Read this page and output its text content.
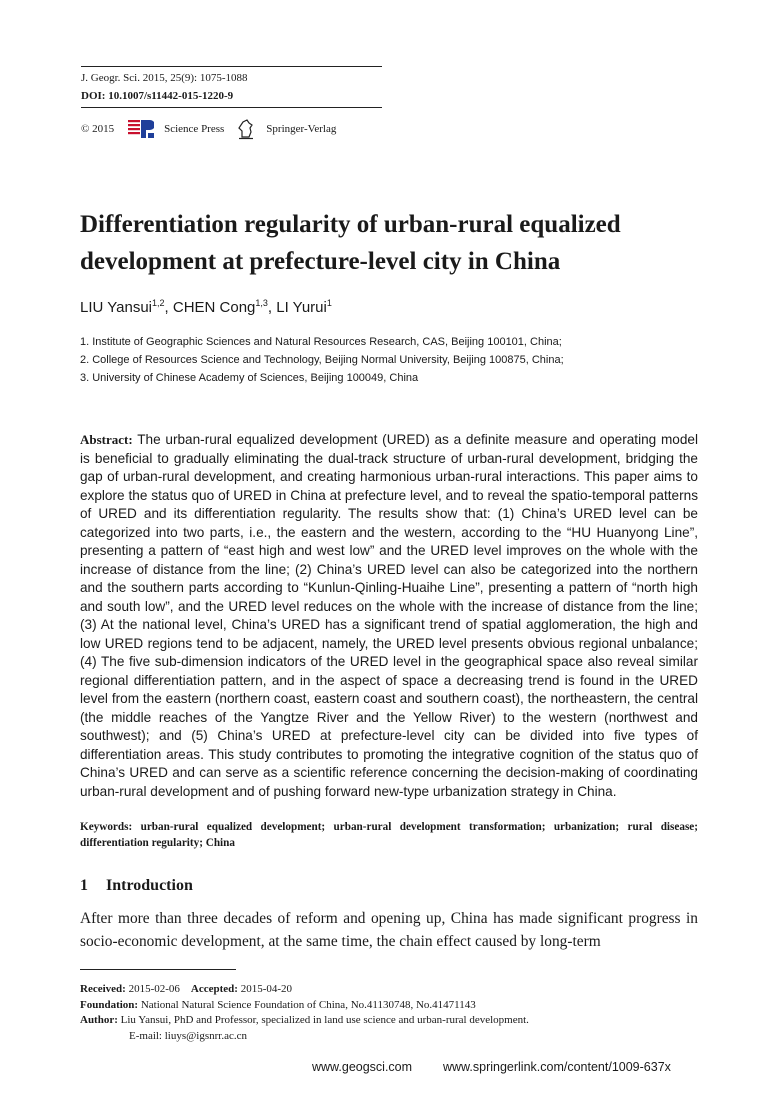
J. Geogr. Sci. 2015, 25(9): 1075-1088
DOI: 10.1007/s11442-015-1220-9
© 2015	Science Press	Springer-Verlag
Differentiation regularity of urban-rural equalized development at prefecture-level city in China
LIU Yansui$^{1,2}$, CHEN Cong$^{1,3}$, LI Yurui$^1$
1. Institute of Geographic Sciences and Natural Resources Research, CAS, Beijing 100101, China;
2. College of Resources Science and Technology, Beijing Normal University, Beijing 100875, China;
3. University of Chinese Academy of Sciences, Beijing 100049, China
Abstract: The urban-rural equalized development (URED) as a definite measure and operating model is beneficial to gradually eliminating the dual-track structure of urban-rural development, bridging the gap of urban-rural development, and creating harmonious urban-rural interactions. This paper aims to explore the status quo of URED in China at prefecture level, and to reveal the spatio-temporal patterns of URED and its differentiation regularity. The results show that: (1) China’s URED level can be categorized into two parts, i.e., the eastern and the western, according to the “HU Huanyong Line”, presenting a pattern of “east high and west low” and the URED level improves on the whole with the increase of distance from the line; (2) China’s URED level can also be categorized into the northern and the southern parts according to “Kunlun-Qinling-Huaihe Line”, presenting a pattern of “north high and south low”, and the URED level reduces on the whole with the increase of distance from the line; (3) At the national level, China’s URED has a significant trend of spatial agglomeration, the high and low URED regions tend to be adjacent, namely, the URED level presents obvious regional unbalance; (4) The five sub-dimension indicators of the URED level in the geographical space also reveal similar regional differentiation pattern, and in the aspect of space a decreasing trend is found in the URED level from the eastern (northern coast, eastern coast and southern coast), the northeastern, the central (the middle reaches of the Yangtze River and the Yellow River) to the western (northwest and southwest); and (5) China’s URED at prefecture-level city can be divided into five types of differentiation areas. This study contributes to promoting the integrative cognition of the status quo of China’s URED and can serve as a scientific reference concerning the decision-making of coordinating urban-rural development and of pushing forward new-type urbanization strategy in China.
Keywords: urban-rural equalized development; urban-rural development transformation; urbanization; rural disease; differentiation regularity; China
1 Introduction
After more than three decades of reform and opening up, China has made significant progress in socio-economic development, at the same time, the chain effect caused by long-term
Received: 2015-02-06 Accepted: 2015-04-20
Foundation: National Natural Science Foundation of China, No.41130748, No.41471143
Author: Liu Yansui, PhD and Professor, specialized in land use science and urban-rural development.
E-mail: liuys@igsnrr.ac.cn
www.geogsci.com www.springerlink.com/content/1009-637x
